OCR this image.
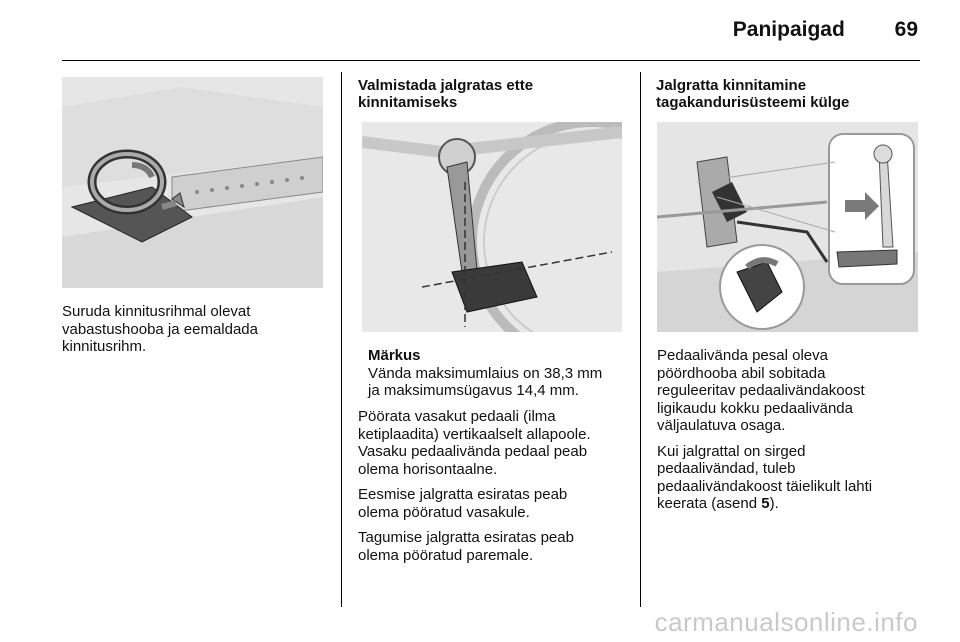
Panipaigad 69
Suruda kinnitusrihmal olevat
vabastushooba ja eemaldada
kinnitusrihm.
Valmistada jalgratas ette
kinnitamiseks
Märkus
Vända maksimumlaius on 38,3 mm
ja maksimumsügavus 14,4 mm.

Pöörata vasakut pedaali (ilma
ketiplaadita) vertikaalselt allapoole.
Vasaku pedaalivända pedaal peab
olema horisontaalne.

Eesmise jalgratta esiratas peab
olema pööratud vasakule.

Tagumise jalgratta esiratas peab
olema pööratud paremale.

Jalgratta kinnitamine
tagakandurisüsteemi külge

Pedaalivända pesal oleva
pöördhooba abil sobitada
reguleeritav pedaalivändakoost
ligikaudu kokku pedaalivända
väljaulatuva osaga.

Kui jalgrattal on sirged
pedaalivändad, tuleb
pedaalivändakoost täielikult lahti
keerata (asend 5).

carmanualsonline.info
